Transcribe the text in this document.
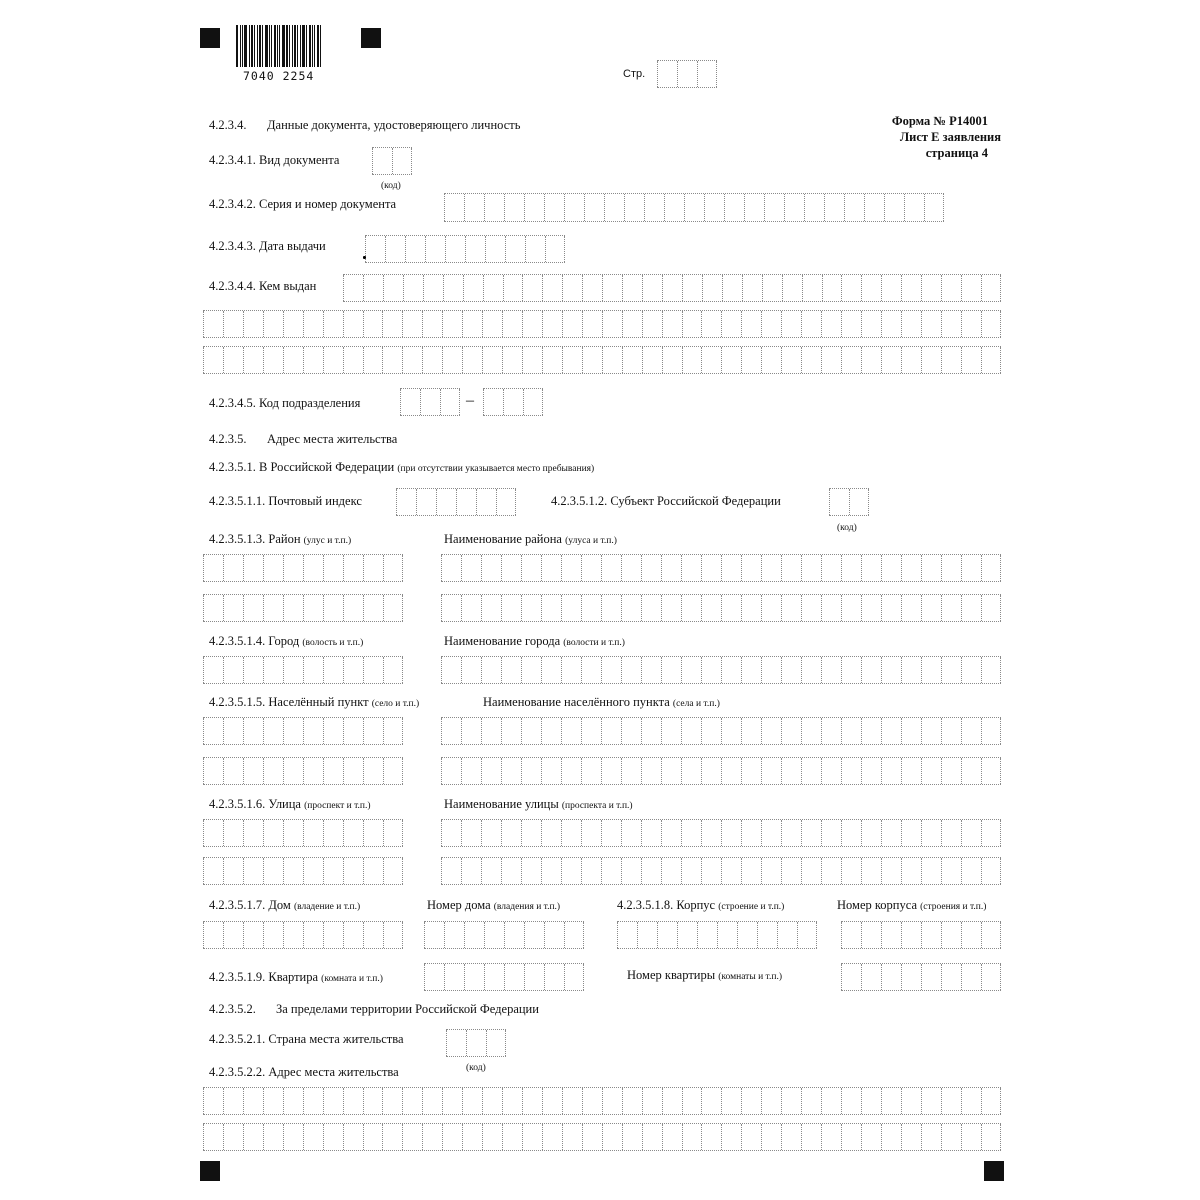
7040 2254	Стр.
Форма № Р14001
Лист Е заявления
страница 4
4.2.3.4. Данные документа, удостоверяющего личность
4.2.3.4.1. Вид документа
(код)
4.2.3.4.2. Серия и номер документа
4.2.3.4.3. Дата выдачи
4.2.3.4.4. Кем выдан
4.2.3.4.5. Код подразделения	–
4.2.3.5. Адрес места жительства
4.2.3.5.1. В Российской Федерации (при отсутствии указывается место пребывания)
4.2.3.5.1.1. Почтовый индекс	4.2.3.5.1.2. Субъект Российской Федерации
(код)
4.2.3.5.1.3. Район (улус и т.п.)	Наименование района (улуса и т.п.)
4.2.3.5.1.4. Город (волость и т.п.)	Наименование города (волости и т.п.)
4.2.3.5.1.5. Населённый пункт (село и т.п.)	Наименование населённого пункта (села и т.п.)
4.2.3.5.1.6. Улица (проспект и т.п.)	Наименование улицы (проспекта и т.п.)
4.2.3.5.1.7. Дом (владение и т.п.)	Номер дома (владения и т.п.)	4.2.3.5.1.8. Корпус (строение и т.п.)	Номер корпуса (строения и т.п.)
4.2.3.5.1.9. Квартира (комната и т.п.)	Номер квартиры (комнаты и т.п.)
4.2.3.5.2. За пределами территории Российской Федерации
4.2.3.5.2.1. Страна места жительства
4.2.3.5.2.2. Адрес места жительства	(код)
